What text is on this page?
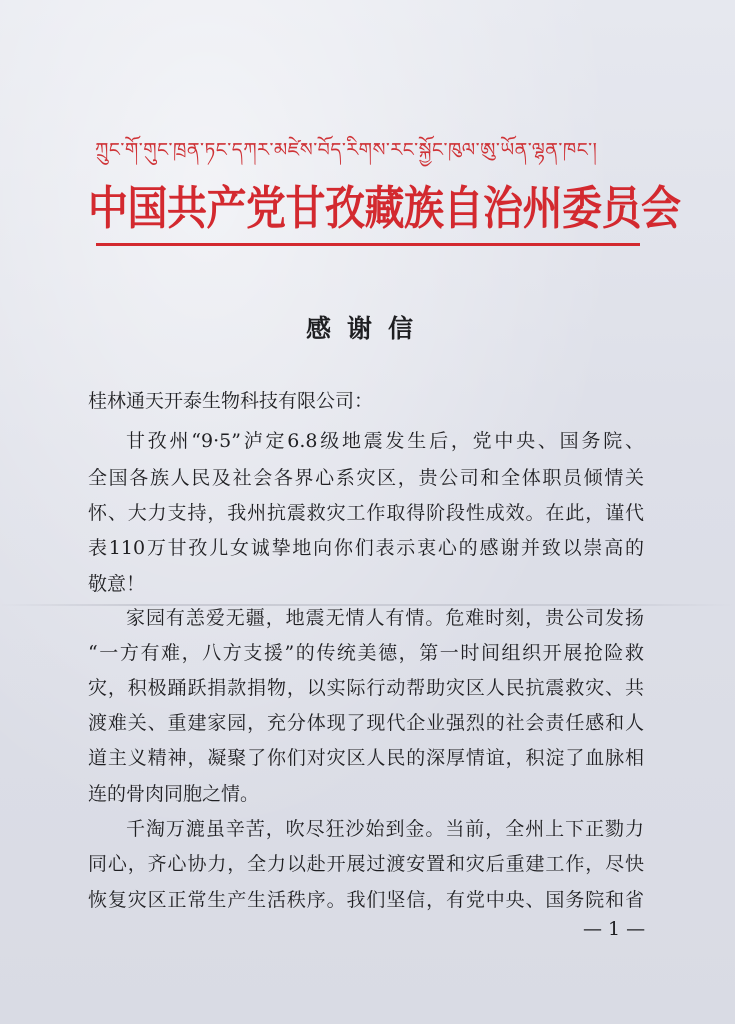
ཀྲུང་གོ་གུང་ཁྲན་ཏང་དཀར་མཛེས་བོད་རིགས་རང་སྐྱོང་ཁུལ་ཨུ་ཡོན་ལྷན་ཁང་།
中国共产党甘孜藏族自治州委员会
感谢信
桂林通天开泰生物科技有限公司：
甘孜州“9·5”泸定6.8级地震发生后，党中央、国务院、
全国各族人民及社会各界心系灾区，贵公司和全体职员倾情关
怀、大力支持，我州抗震救灾工作取得阶段性成效。在此，谨代
表110万甘孜儿女诚挚地向你们表示衷心的感谢并致以崇高的
敬意！
家园有恙爱无疆，地震无情人有情。危难时刻，贵公司发扬
“一方有难，八方支援”的传统美德，第一时间组织开展抢险救
灾，积极踊跃捐款捐物，以实际行动帮助灾区人民抗震救灾、共
渡难关、重建家园，充分体现了现代企业强烈的社会责任感和人
道主义精神，凝聚了你们对灾区人民的深厚情谊，积淀了血脉相
连的骨肉同胞之情。
千淘万漉虽辛苦，吹尽狂沙始到金。当前，全州上下正勠力
同心，齐心协力，全力以赴开展过渡安置和灾后重建工作，尽快
恢复灾区正常生产生活秩序。我们坚信，有党中央、国务院和省
— 1 —
